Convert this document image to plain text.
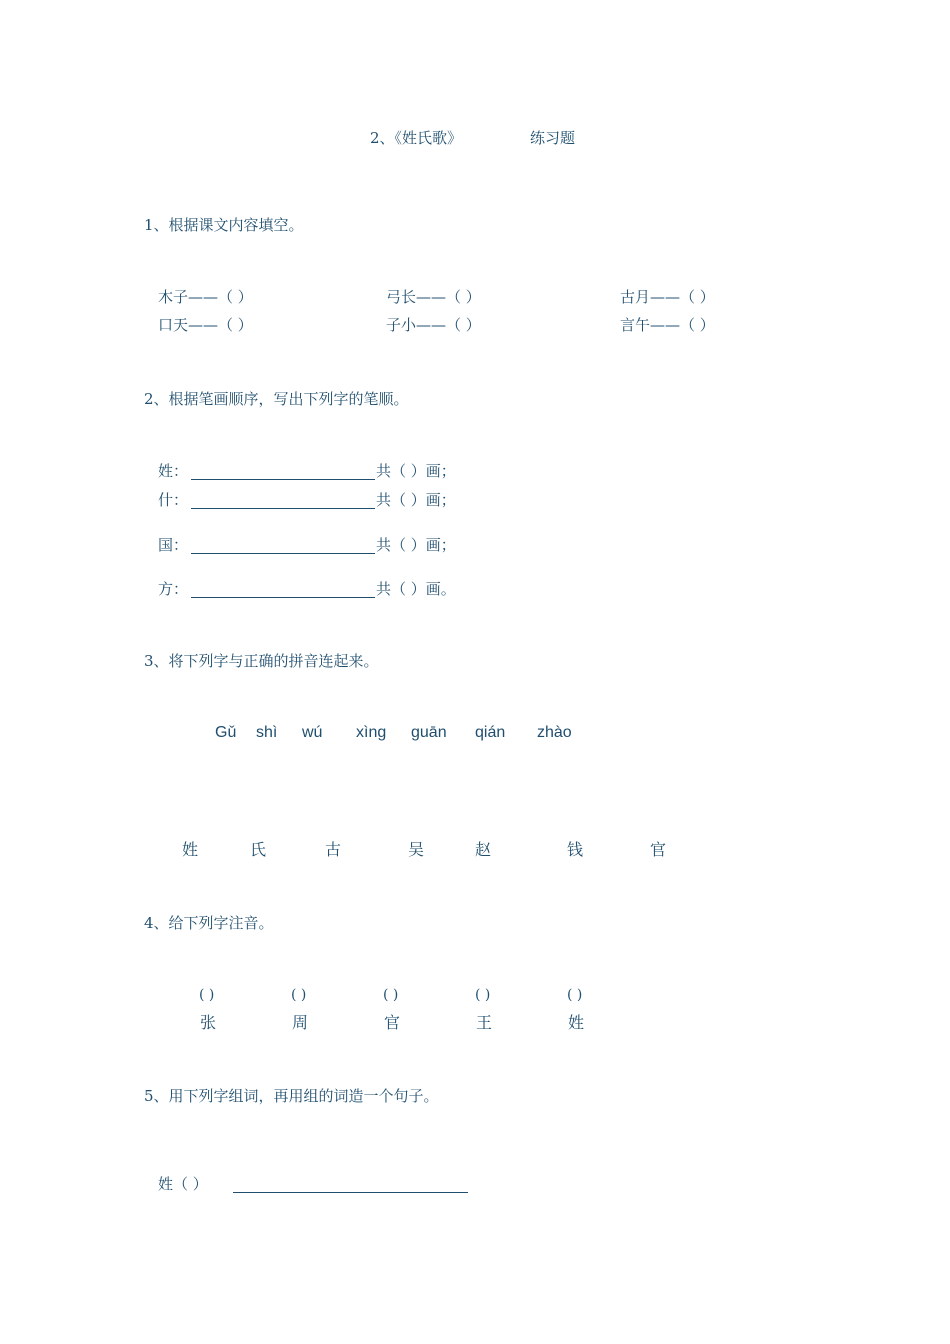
2、《姓氏歌》	练习题
1、根据课文内容填空。
木子——（ ）	弓长——（ ）	古月——（ ）
口天——（ ）	子小——（ ）	言午——（ ）
2、根据笔画顺序，写出下列字的笔顺。
姓：	共（ ）画；
什：	共（ ）画；
国：	共（ ）画；
方：	共（ ）画。
3、将下列字与正确的拼音连起来。
Gǔ shì wú xìng guān qián zhào
姓	氏	古	吴	赵	钱	官
4、给下列字注音。
( )	( )	( )	( )	( )
张	周	官	王	姓
5、用下列字组词，再用组的词造一个句子。
姓（ ）
